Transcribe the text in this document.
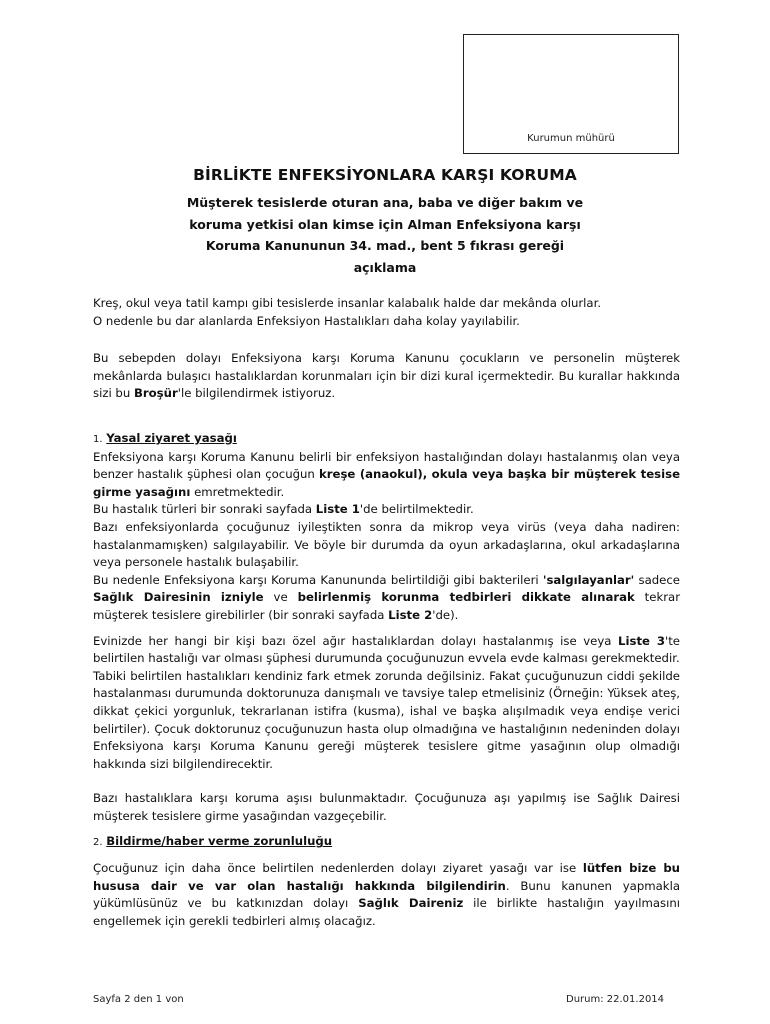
Kurumun mühürü
BİRLİKTE ENFEKSİYONLARA KARŞI KORUMA
Müşterek tesislerde oturan ana, baba ve diğer bakım ve
koruma yetkisi olan kimse için Alman Enfeksiyona karşı
Koruma Kanununun 34. mad., bent 5 fıkrası gereği
açıklama

Kreş, okul veya tatil kampı gibi tesislerde insanlar kalabalık halde dar mekânda olurlar.

O nedenle bu dar alanlarda Enfeksiyon Hastalıkları daha kolay yayılabilir.

Bu sebepden dolayı Enfeksiyona karşı Koruma Kanunu çocukların ve personelin müşterek mekânlarda bulaşıcı hastalıklardan korunmaları için bir dizi kural içermektedir. Bu kurallar hakkında sizi bu Broşür'le bilgilendirmek istiyoruz.

1. Yasal ziyaret yasağı

Enfeksiyona karşı Koruma Kanunu belirli bir enfeksiyon hastalığından dolayı hastalanmış olan veya benzer hastalık şüphesi olan çocuğun kreşe (anaokul), okula veya başka bir müşterek tesise girme yasağını emretmektedir.

Bu hastalık türleri bir sonraki sayfada Liste 1'de belirtilmektedir.

Bazı enfeksiyonlarda çocuğunuz iyileştikten sonra da mikrop veya virüs (veya daha nadiren: hastalanmamışken) salgılayabilir. Ve böyle bir durumda da oyun arkadaşlarına, okul arkadaşlarına veya personele hastalık bulaşabilir.

Bu nedenle Enfeksiyona karşı Koruma Kanununda belirtildiği gibi bakterileri 'salgılayanlar' sadece Sağlık Dairesinin izniyle ve belirlenmiş korunma tedbirleri dikkate alınarak tekrar müşterek tesislere girebilirler (bir sonraki sayfada Liste 2'de).

Evinizde her hangi bir kişi bazı özel ağır hastalıklardan dolayı hastalanmış ise veya Liste 3'te belirtilen hastalığı var olması şüphesi durumunda çocuğunuzun evvela evde kalması gerekmektedir.

Tabiki belirtilen hastalıkları kendiniz fark etmek zorunda değilsiniz. Fakat çucuğunuzun ciddi şekilde hastalanması durumunda doktorunuza danışmalı ve tavsiye talep etmelisiniz (Örneğin: Yüksek ateş, dikkat çekici yorgunluk, tekrarlanan istifra (kusma), ishal ve başka alışılmadık veya endişe verici belirtiler). Çocuk doktorunuz çocuğunuzun hasta olup olmadığına ve hastalığının nedeninden dolayı Enfeksiyona karşı Koruma Kanunu gereği müşterek tesislere gitme yasağının olup olmadığı hakkında sizi bilgilendirecektir.

Bazı hastalıklara karşı koruma aşısı bulunmaktadır. Çocuğunuza aşı yapılmış ise Sağlık Dairesi müşterek tesislere girme yasağından vazgeçebilir.

2. Bildirme/haber verme zorunluluğu

Çocuğunuz için daha önce belirtilen nedenlerden dolayı ziyaret yasağı var ise lütfen bize bu hususa dair ve var olan hastalığı hakkında bilgilendirin. Bunu kanunen yapmakla yükümlüsünüz ve bu katkınızdan dolayı Sağlık Daireniz ile birlikte hastalığın yayılmasını engellemek için gerekli tedbirleri almış olacağız.

Sayfa 2 den 1 von	Durum: 22.01.2014
